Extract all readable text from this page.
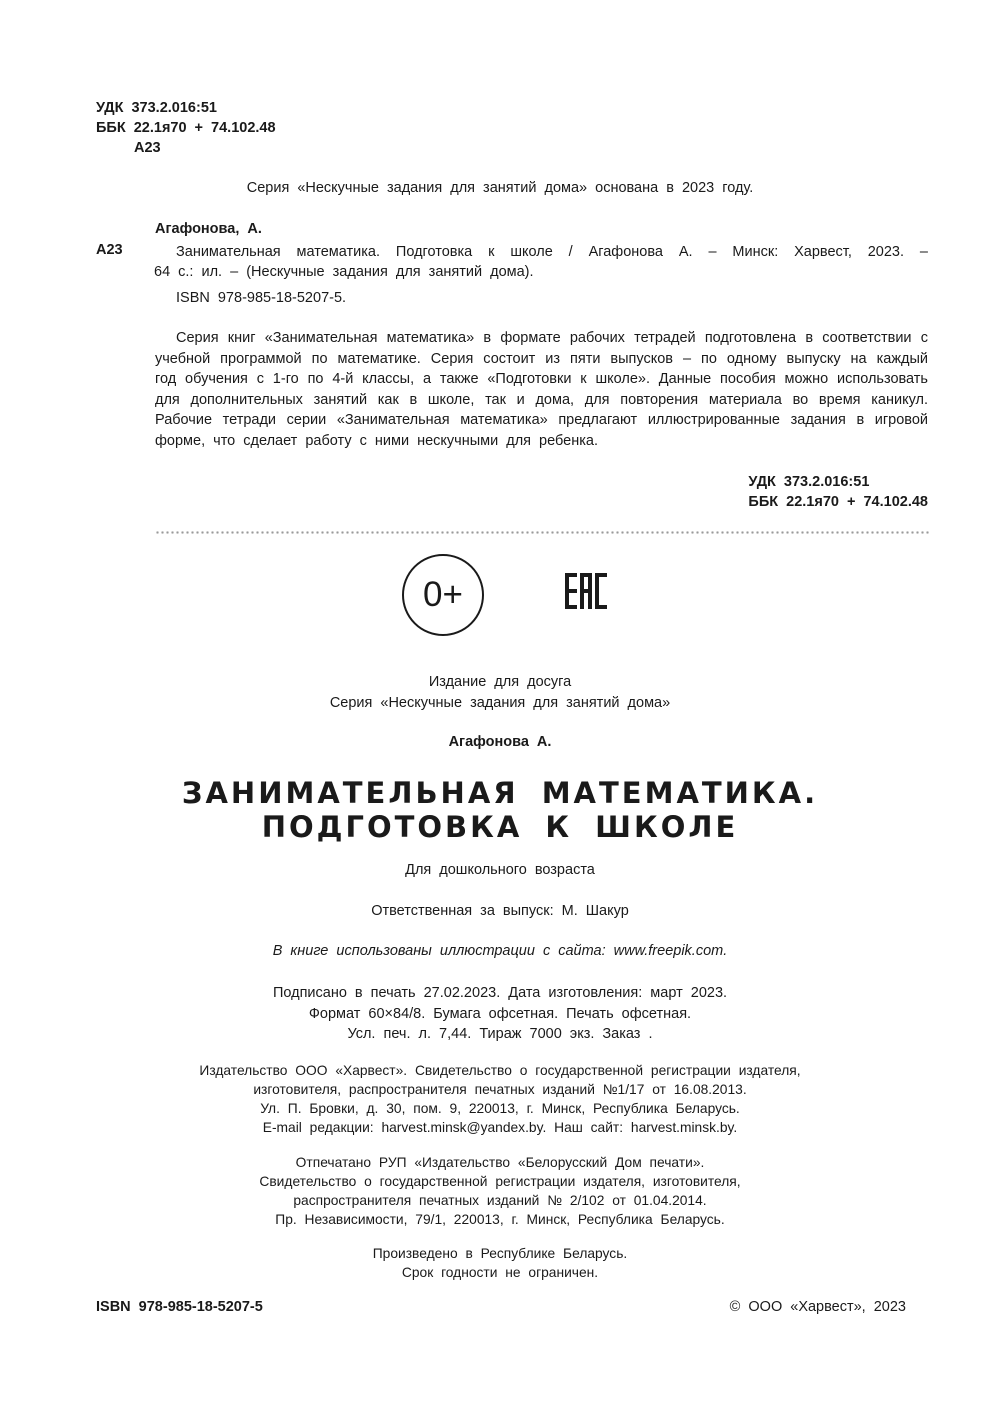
УДК 373.2.016:51
ББК 22.1я70 + 74.102.48
А23
Серия «Нескучные задания для занятий дома» основана в 2023 году.
Агафонова, А.
А23	Занимательная математика. Подготовка к школе / Агафонова А. – Минск: Харвест, 2023. –
64 с.: ил. – (Нескучные задания для занятий дома).
ISBN 978-985-18-5207-5.
Серия книг «Занимательная математика» в формате рабочих тетрадей подготовлена в соответствии с учебной программой по математике. Серия состоит из пяти выпусков – по одному выпуску на каждый год обучения с 1-го по 4-й классы, а также «Подготовки к школе». Данные пособия можно использовать для дополнительных занятий как в школе, так и дома, для повторения материала во время каникул. Рабочие тетради серии «Занимательная математика» предлагают иллюстрированные задания в игровой форме, что сделает работу с ними нескучными для ребенка.
УДК 373.2.016:51
ББК 22.1я70 + 74.102.48
0+
Издание для досуга
Серия «Нескучные задания для занятий дома»
Агафонова А.
ЗАНИМАТЕЛЬНАЯ МАТЕМАТИКА.
ПОДГОТОВКА К ШКОЛЕ
Для дошкольного возраста
Ответственная за выпуск: М. Шакур
В книге использованы иллюстрации с сайта: www.freepik.com.
Подписано в печать 27.02.2023. Дата изготовления: март 2023.
Формат 60×84/8. Бумага офсетная. Печать офсетная.
Усл. печ. л. 7,44. Тираж 7000 экз. Заказ .
Издательство ООО «Харвест». Свидетельство о государственной регистрации издателя,
изготовителя, распространителя печатных изданий №1/17 от 16.08.2013.
Ул. П. Бровки, д. 30, пом. 9, 220013, г. Минск, Республика Беларусь.
E-mail редакции: harvest.minsk@yandex.by. Наш сайт: harvest.minsk.by.
Отпечатано РУП «Издательство «Белорусский Дом печати».
Свидетельство о государственной регистрации издателя, изготовителя,
распространителя печатных изданий № 2/102 от 01.04.2014.
Пр. Независимости, 79/1, 220013, г. Минск, Республика Беларусь.
Произведено в Республике Беларусь.
Срок годности не ограничен.
ISBN 978-985-18-5207-5	© ООО «Харвест», 2023
